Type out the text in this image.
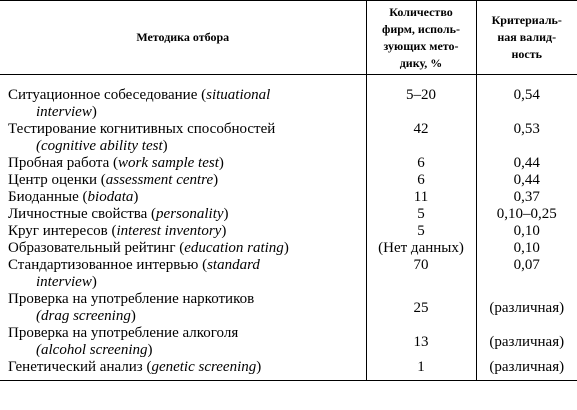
Методика отбора	Количество
фирм, исполь-
зующих мето-
дику, %	Критериаль-
ная валид-
ность

Ситуационное собеседование (situational
interview)	5–20	0,54
Тестирование когнитивных способностей
(cognitive ability test)	42	0,53
Пробная работа (work sample test)	6	0,44
Центр оценки (assessment centre)	6	0,44
Биоданные (biodata)	11	0,37
Личностные свойства (personality)	5	0,10–0,25
Круг интересов (interest inventory)	5	0,10
Образовательный рейтинг (education rating)	(Нет данных)	0,10
Стандартизованное интервью (standard
interview)	70	0,07
Проверка на употребление наркотиков
(drag screening)	25	(различная)
Проверка на употребление алкоголя
(alcohol screening)	13	(различная)
Генетический анализ (genetic screening)	1	(различная)
